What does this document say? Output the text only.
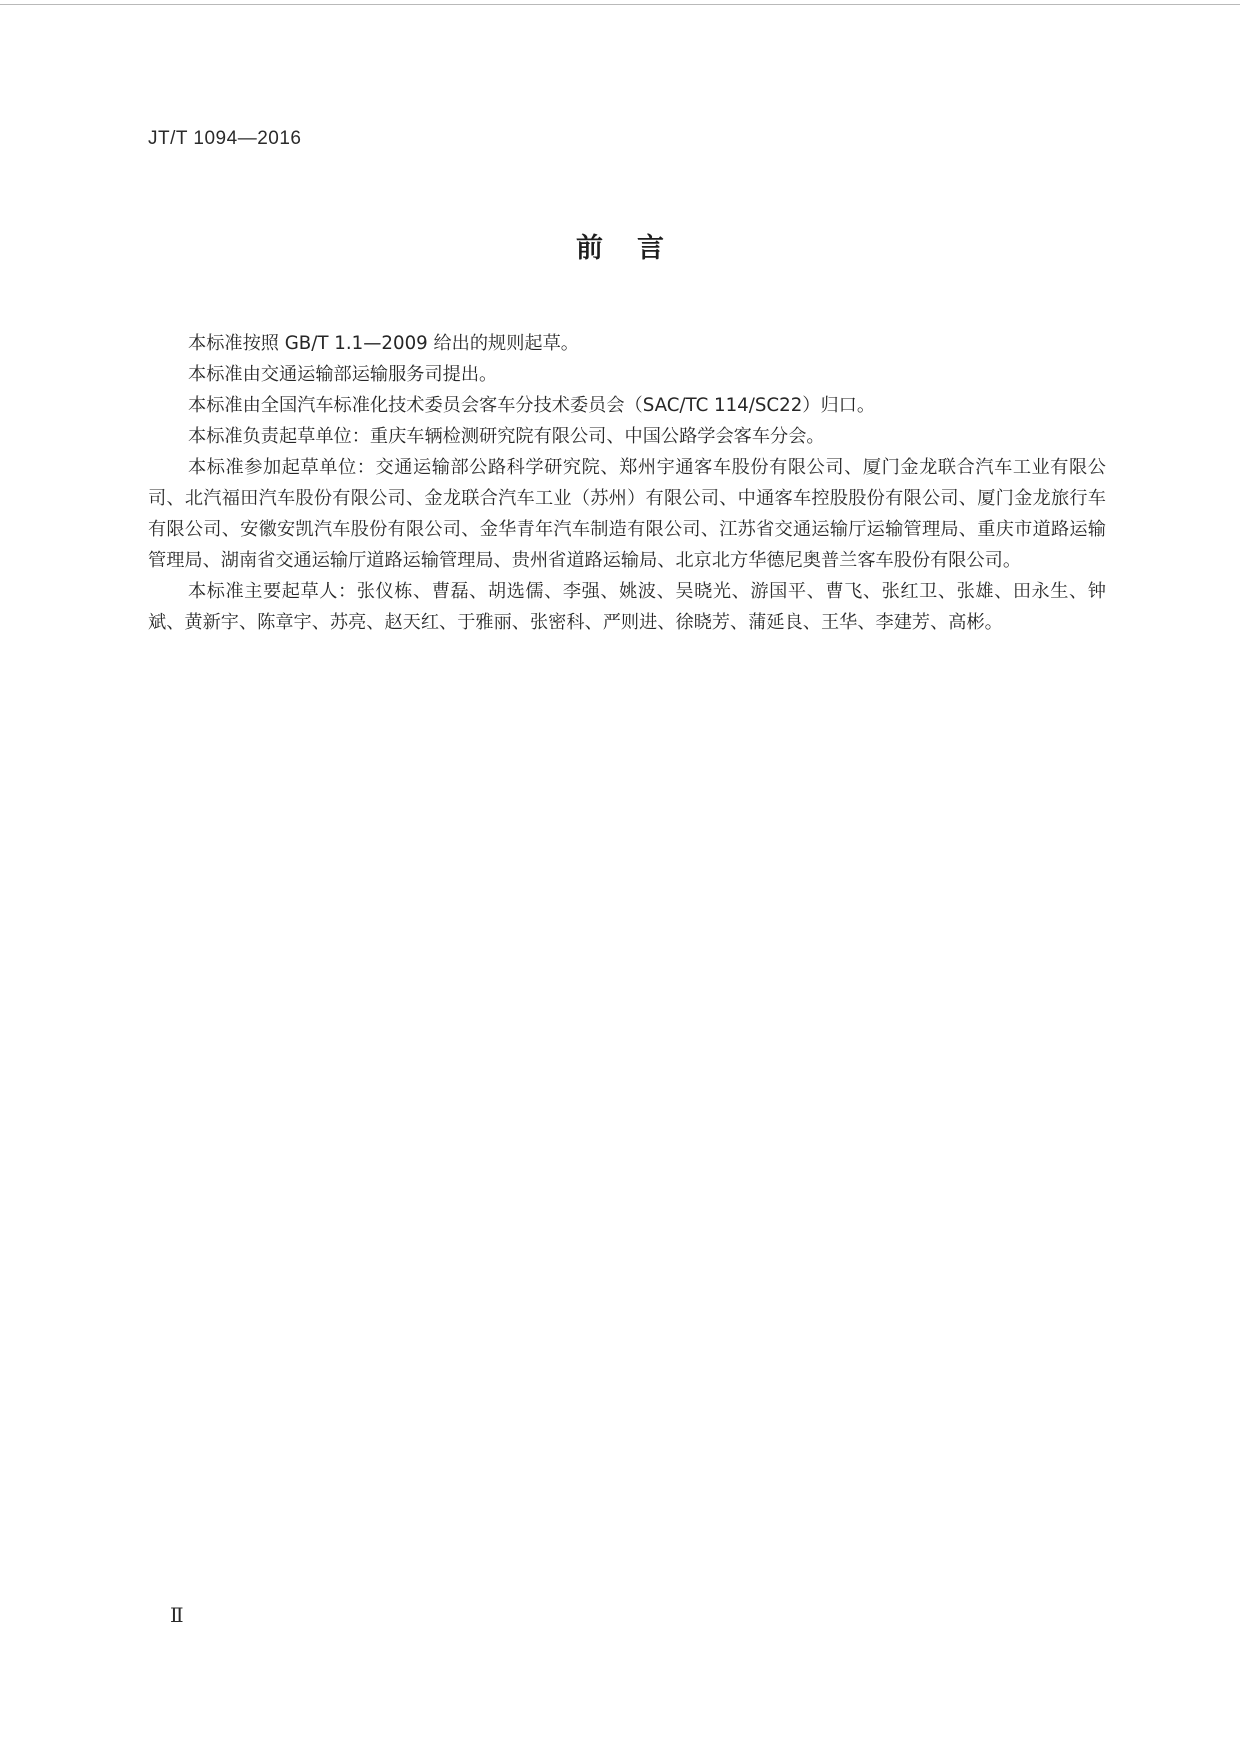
JT/T 1094—2016
前言

本标准按照 GB/T 1.1—2009 给出的规则起草。

本标准由交通运输部运输服务司提出。

本标准由全国汽车标准化技术委员会客车分技术委员会（SAC/TC 114/SC22）归口。

本标准负责起草单位：重庆车辆检测研究院有限公司、中国公路学会客车分会。

本标准参加起草单位：交通运输部公路科学研究院、郑州宇通客车股份有限公司、厦门金龙联合汽车工业有限公司、北汽福田汽车股份有限公司、金龙联合汽车工业（苏州）有限公司、中通客车控股股份有限公司、厦门金龙旅行车有限公司、安徽安凯汽车股份有限公司、金华青年汽车制造有限公司、江苏省交通运输厅运输管理局、重庆市道路运输管理局、湖南省交通运输厅道路运输管理局、贵州省道路运输局、北京北方华德尼奥普兰客车股份有限公司。

本标准主要起草人：张仪栋、曹磊、胡选儒、李强、姚波、吴晓光、游国平、曹飞、张红卫、张雄、田永生、钟斌、黄新宇、陈章宇、苏亮、赵天红、于雅丽、张密科、严则进、徐晓芳、蒲延良、王华、李建芳、高彬。

Ⅱ
